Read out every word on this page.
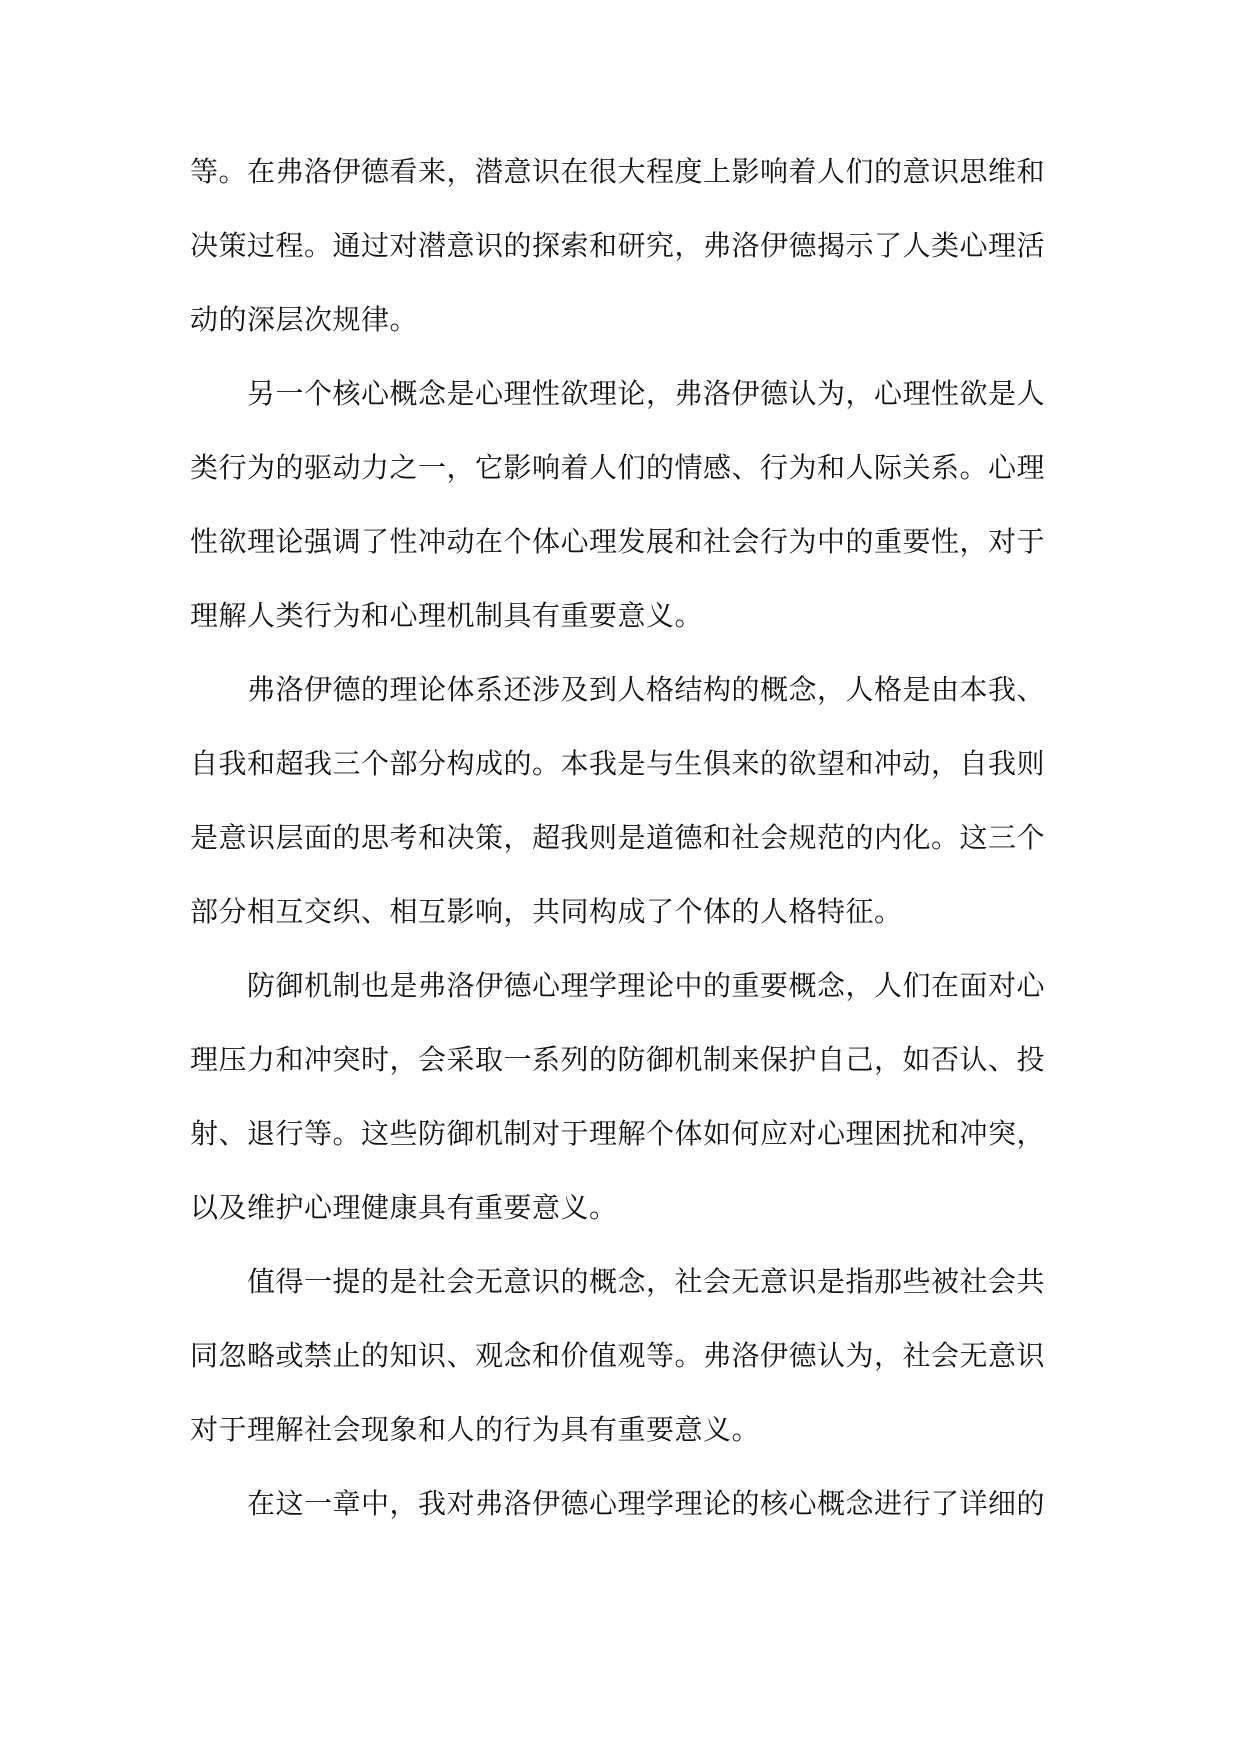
等。在弗洛伊德看来，潜意识在很大程度上影响着人们的意识思维和
决策过程。通过对潜意识的探索和研究，弗洛伊德揭示了人类心理活
动的深层次规律。
另一个核心概念是心理性欲理论，弗洛伊德认为，心理性欲是人
类行为的驱动力之一，它影响着人们的情感、行为和人际关系。心理
性欲理论强调了性冲动在个体心理发展和社会行为中的重要性，对于
理解人类行为和心理机制具有重要意义。
弗洛伊德的理论体系还涉及到人格结构的概念，人格是由本我、
自我和超我三个部分构成的。本我是与生俱来的欲望和冲动，自我则
是意识层面的思考和决策，超我则是道德和社会规范的内化。这三个
部分相互交织、相互影响，共同构成了个体的人格特征。
防御机制也是弗洛伊德心理学理论中的重要概念，人们在面对心
理压力和冲突时，会采取一系列的防御机制来保护自己，如否认、投
射、退行等。这些防御机制对于理解个体如何应对心理困扰和冲突，
以及维护心理健康具有重要意义。
值得一提的是社会无意识的概念，社会无意识是指那些被社会共
同忽略或禁止的知识、观念和价值观等。弗洛伊德认为，社会无意识
对于理解社会现象和人的行为具有重要意义。
在这一章中，我对弗洛伊德心理学理论的核心概念进行了详细的
